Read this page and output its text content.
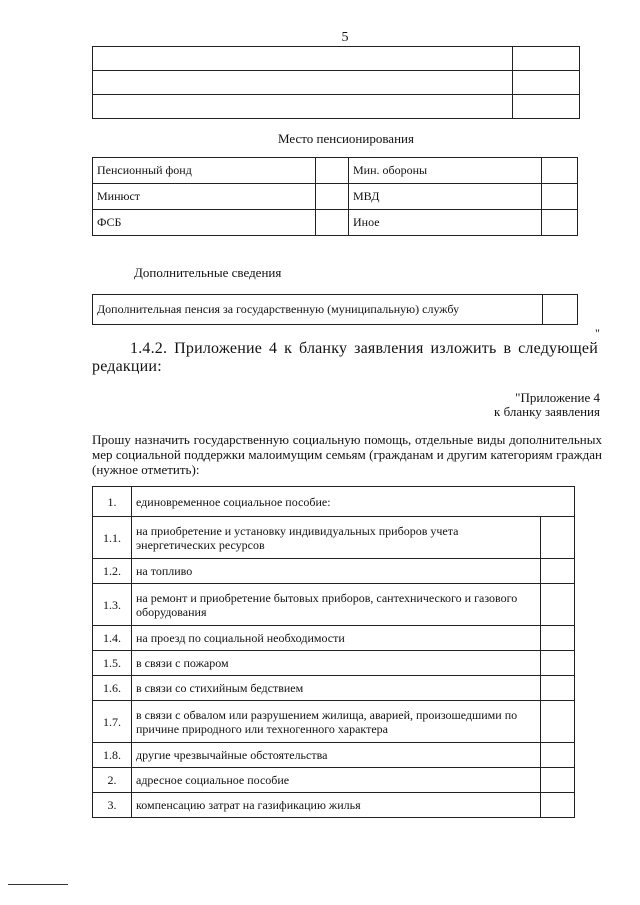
5

Место пенсионирования
Пенсионный фонд		Мин. обороны	
Минюст		МВД	
ФСБ		Иное	
Дополнительные сведения
Дополнительная пенсия за государственную (муниципальную) службу	
"
1.4.2. Приложение 4 к бланку заявления изложить в следующей редакции:
"Приложение 4
к бланку заявления
Прошу назначить государственную социальную помощь, отдельные виды дополнительных мер социальной поддержки малоимущим семьям (гражданам и другим категориям граждан (нужное отметить):
1.	единовременное социальное пособие:	
1.1.	на приобретение и установку индивидуальных приборов учета энергетических ресурсов	
1.2.	на топливо	
1.3.	на ремонт и приобретение бытовых приборов, сантехнического и газового оборудования	
1.4.	на проезд по социальной необходимости	
1.5.	в связи с пожаром	
1.6.	в связи со стихийным бедствием	
1.7.	в связи с обвалом или разрушением жилища, аварией, произошедшими по причине природного или техногенного характера	
1.8.	другие чрезвычайные обстоятельства	
2.	адресное социальное пособие	
3.	компенсацию затрат на газификацию жилья	
